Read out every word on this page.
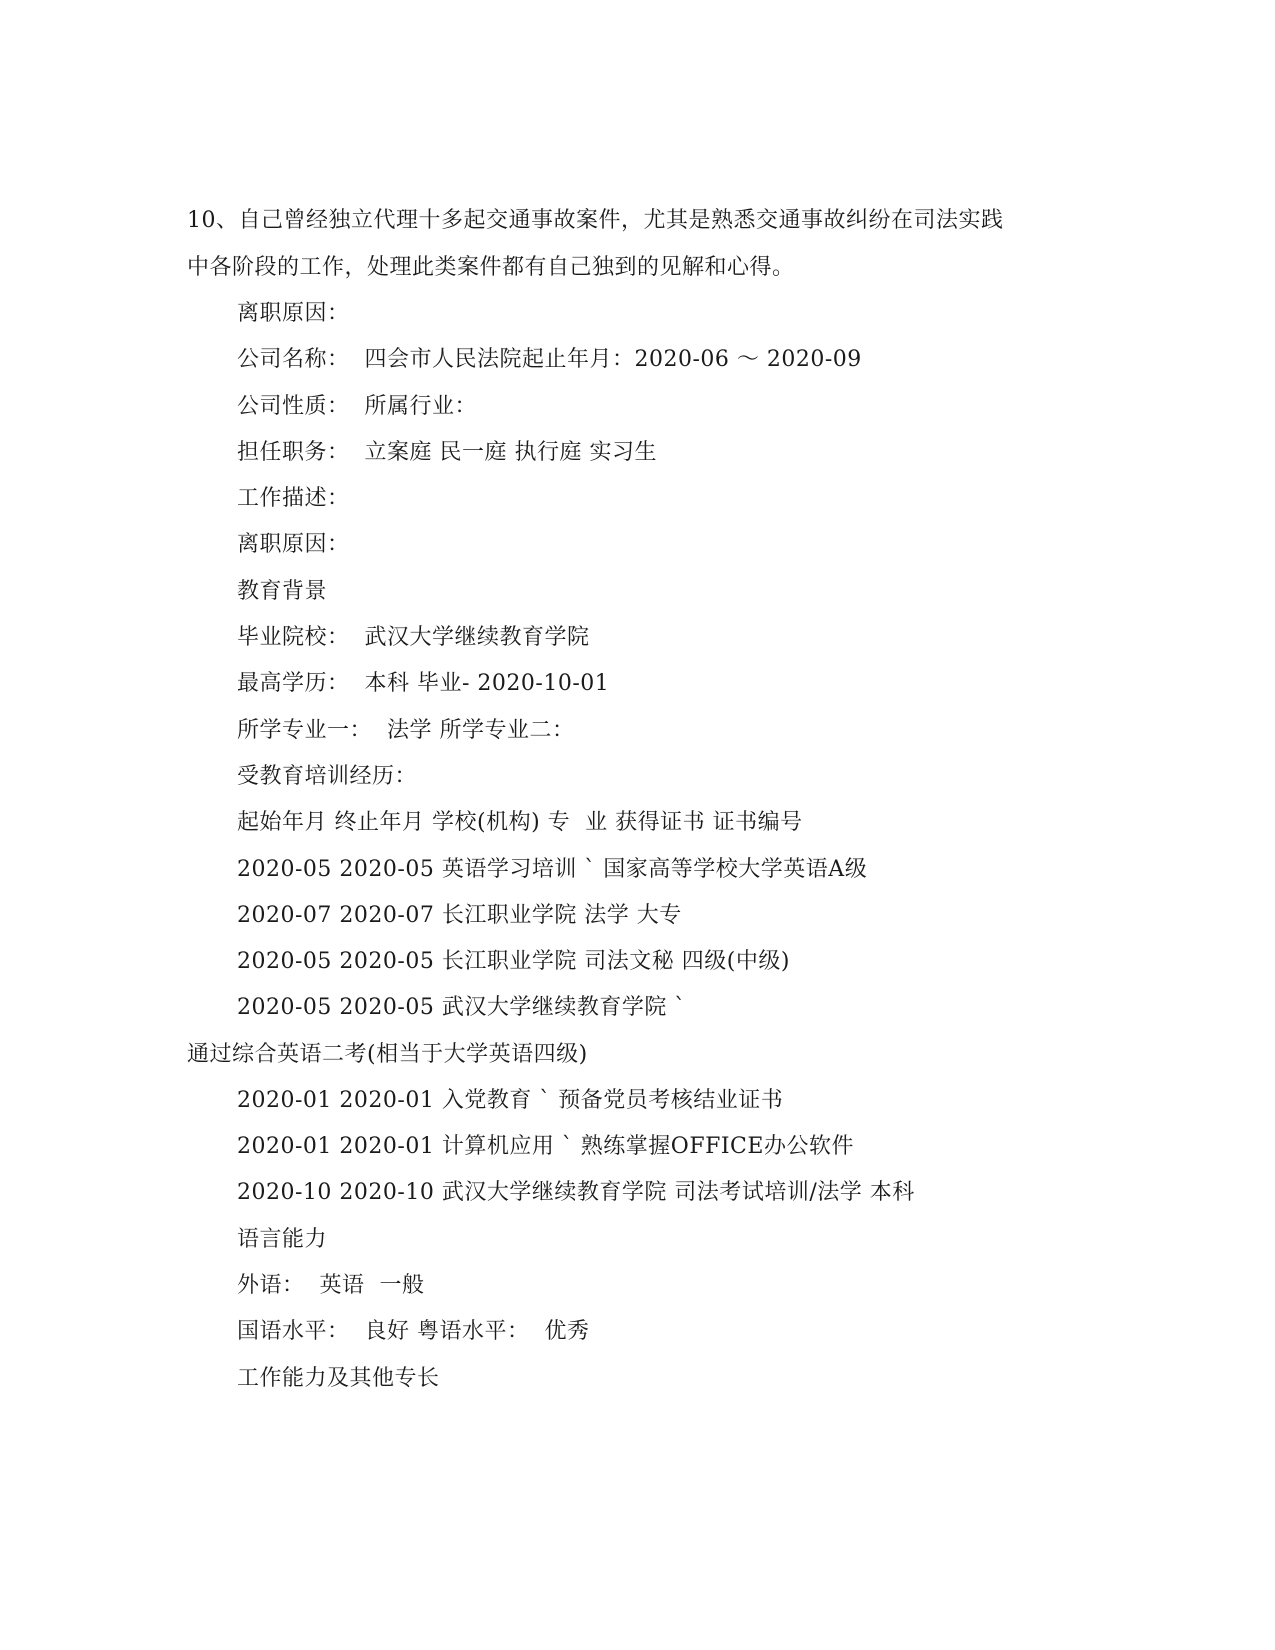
10、自己曾经独立代理十多起交通事故案件，尤其是熟悉交通事故纠纷在司法实践
中各阶段的工作，处理此类案件都有自己独到的见解和心得。
离职原因：
公司名称：  四会市人民法院起止年月：2020-06 ～ 2020-09
公司性质：  所属行业：
担任职务：  立案庭 民一庭 执行庭 实习生
工作描述：
离职原因：
教育背景
毕业院校：  武汉大学继续教育学院
最高学历：  本科 毕业- 2020-10-01
所学专业一：  法学 所学专业二：
受教育培训经历：
起始年月 终止年月 学校(机构) 专  业 获得证书 证书编号
2020-05 2020-05 英语学习培训 ` 国家高等学校大学英语A级
2020-07 2020-07 长江职业学院 法学 大专
2020-05 2020-05 长江职业学院 司法文秘 四级(中级)
2020-05 2020-05 武汉大学继续教育学院 `
通过综合英语二考(相当于大学英语四级)
2020-01 2020-01 入党教育 ` 预备党员考核结业证书
2020-01 2020-01 计算机应用 ` 熟练掌握OFFICE办公软件
2020-10 2020-10 武汉大学继续教育学院 司法考试培训/法学 本科
语言能力
外语：  英语  一般
国语水平：  良好 粤语水平：  优秀
工作能力及其他专长
